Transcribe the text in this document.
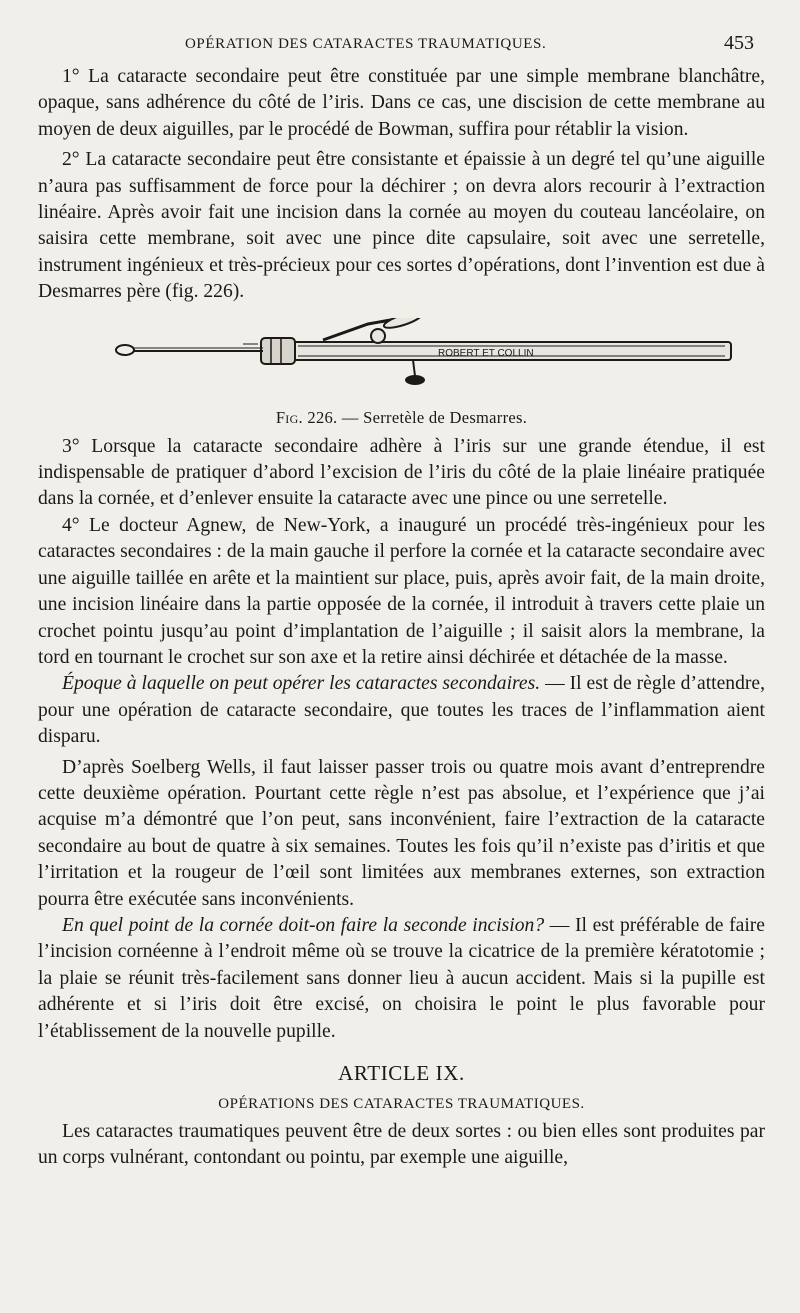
OPÉRATION DES CATARACTES TRAUMATIQUES.	453

1° La cataracte secondaire peut être constituée par une simple membrane blanchâtre, opaque, sans adhérence du côté de l’iris. Dans ce cas, une discision de cette membrane au moyen de deux aiguilles, par le procédé de Bowman, suffira pour rétablir la vision.

2° La cataracte secondaire peut être consistante et épaissie à un degré tel qu’une aiguille n’aura pas suffisamment de force pour la déchirer ; on devra alors recourir à l’extraction linéaire. Après avoir fait une incision dans la cornée au moyen du couteau lancéolaire, on saisira cette membrane, soit avec une pince dite capsulaire, soit avec une serretelle, instrument ingénieux et très-précieux pour ces sortes d’opérations, dont l’invention est due à Desmarres père (fig. 226).

ROBERT ET COLLIN
Fig. 226. — Serretèle de Desmarres.

3° Lorsque la cataracte secondaire adhère à l’iris sur une grande étendue, il est indispensable de pratiquer d’abord l’excision de l’iris du côté de la plaie linéaire pratiquée dans la cornée, et d’enlever ensuite la cataracte avec une pince ou une serretelle.

4° Le docteur Agnew, de New-York, a inauguré un procédé très-ingénieux pour les cataractes secondaires : de la main gauche il perfore la cornée et la cataracte secondaire avec une aiguille taillée en arête et la maintient sur place, puis, après avoir fait, de la main droite, une incision linéaire dans la partie opposée de la cornée, il introduit à travers cette plaie un crochet pointu jusqu’au point d’implantation de l’aiguille ; il saisit alors la membrane, la tord en tournant le crochet sur son axe et la retire ainsi déchirée et détachée de la masse.

Époque à laquelle on peut opérer les cataractes secondaires. — Il est de règle d’attendre, pour une opération de cataracte secondaire, que toutes les traces de l’inflammation aient disparu.

D’après Soelberg Wells, il faut laisser passer trois ou quatre mois avant d’entreprendre cette deuxième opération. Pourtant cette règle n’est pas absolue, et l’expérience que j’ai acquise m’a démontré que l’on peut, sans inconvénient, faire l’extraction de la cataracte secondaire au bout de quatre à six semaines. Toutes les fois qu’il n’existe pas d’iritis et que l’irritation et la rougeur de l’œil sont limitées aux membranes externes, son extraction pourra être exécutée sans inconvénients.

En quel point de la cornée doit-on faire la seconde incision? — Il est préférable de faire l’incision cornéenne à l’endroit même où se trouve la cicatrice de la première kératotomie ; la plaie se réunit très-facilement sans donner lieu à aucun accident. Mais si la pupille est adhérente et si l’iris doit être excisé, on choisira le point le plus favorable pour l’établissement de la nouvelle pupille.

ARTICLE IX.
OPÉRATIONS DES CATARACTES TRAUMATIQUES.

Les cataractes traumatiques peuvent être de deux sortes : ou bien elles sont produites par un corps vulnérant, contondant ou pointu, par exemple une aiguille,
